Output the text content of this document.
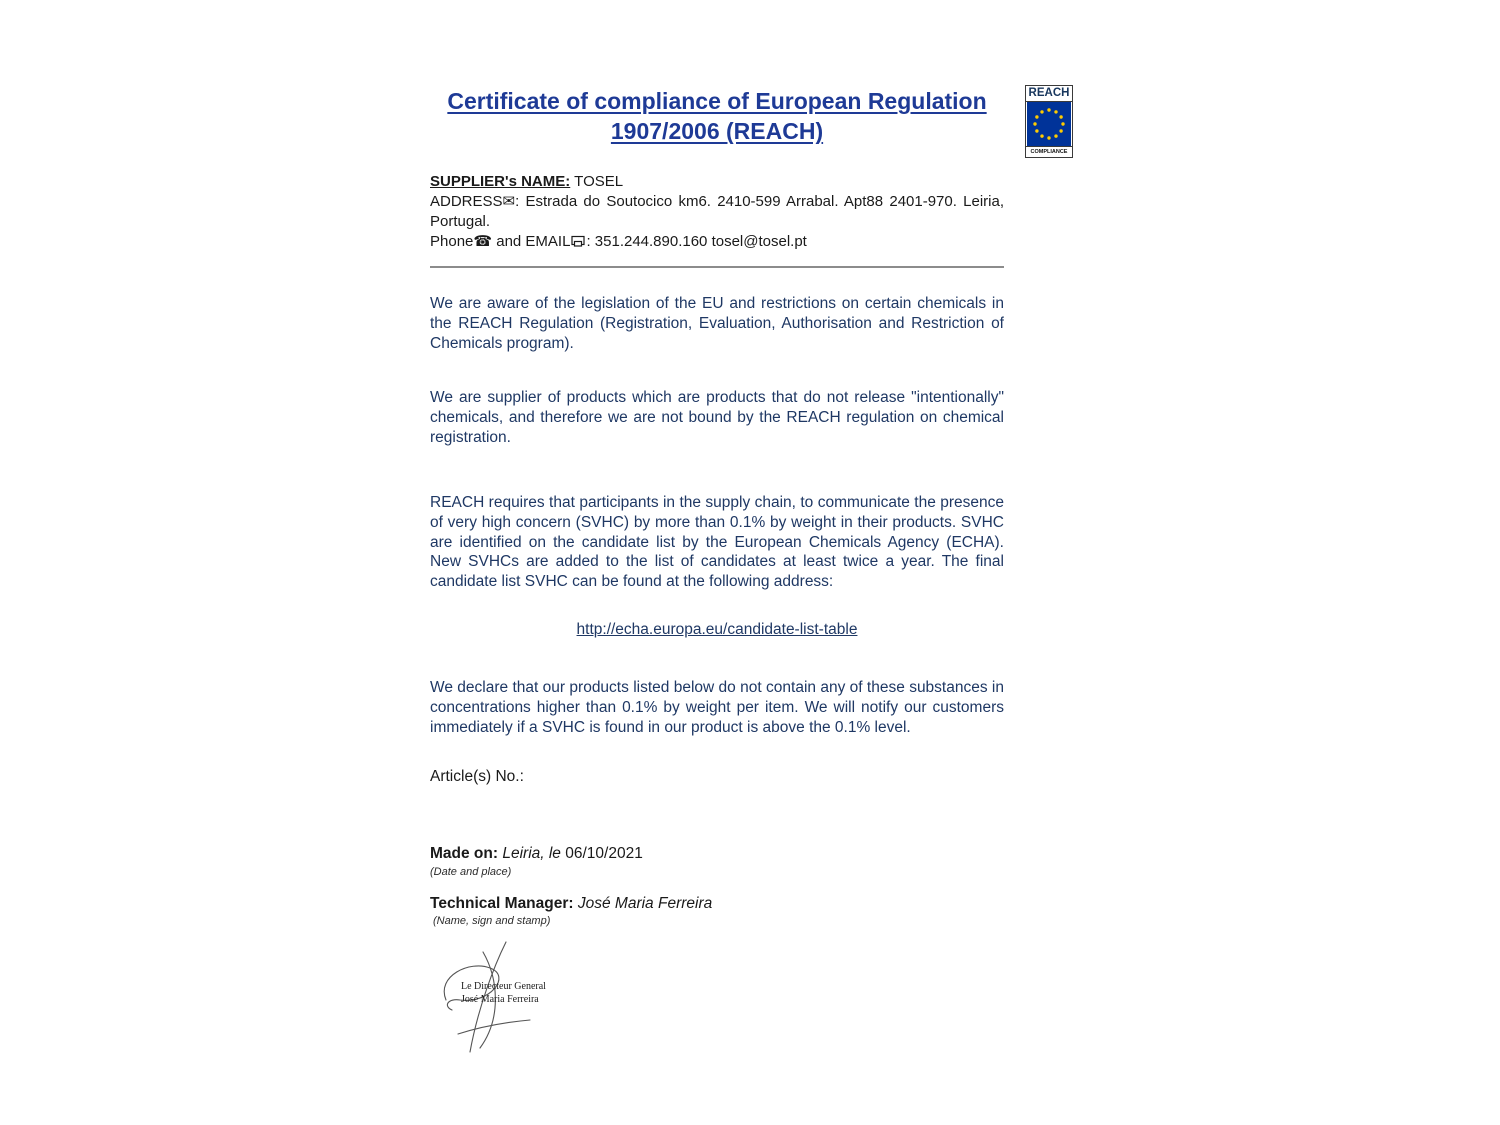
REACH
COMPLIANCE
Certificate of compliance of European Regulation
1907/2006 (REACH)
SUPPLIER's NAME: TOSEL
ADDRESS✉: Estrada do Soutocico km6. 2410-599 Arrabal. Apt88 2401-970. Leiria, Portugal.
Phone☎ and EMAIL : 351.244.890.160 tosel@tosel.pt
We are aware of the legislation of the EU and restrictions on certain chemicals in the REACH Regulation (Registration, Evaluation, Authorisation and Restriction of Chemicals program).
We are supplier of products which are products that do not release "intentionally" chemicals, and therefore we are not bound by the REACH regulation on chemical registration.
REACH requires that participants in the supply chain, to communicate the presence of very high concern (SVHC) by more than 0.1% by weight in their products. SVHC are identified on the candidate list by the European Chemicals Agency (ECHA). New SVHCs are added to the list of candidates at least twice a year. The final candidate list SVHC can be found at the following address:
http://echa.europa.eu/candidate-list-table
We declare that our products listed below do not contain any of these substances in concentrations higher than 0.1% by weight per item. We will notify our customers immediately if a SVHC is found in our product is above the 0.1% level.
Article(s) No.:
Made on: Leiria, le 06/10/2021
(Date and place)
Technical Manager: José Maria Ferreira
(Name, sign and stamp)
Le Directeur General
José Maria Ferreira
